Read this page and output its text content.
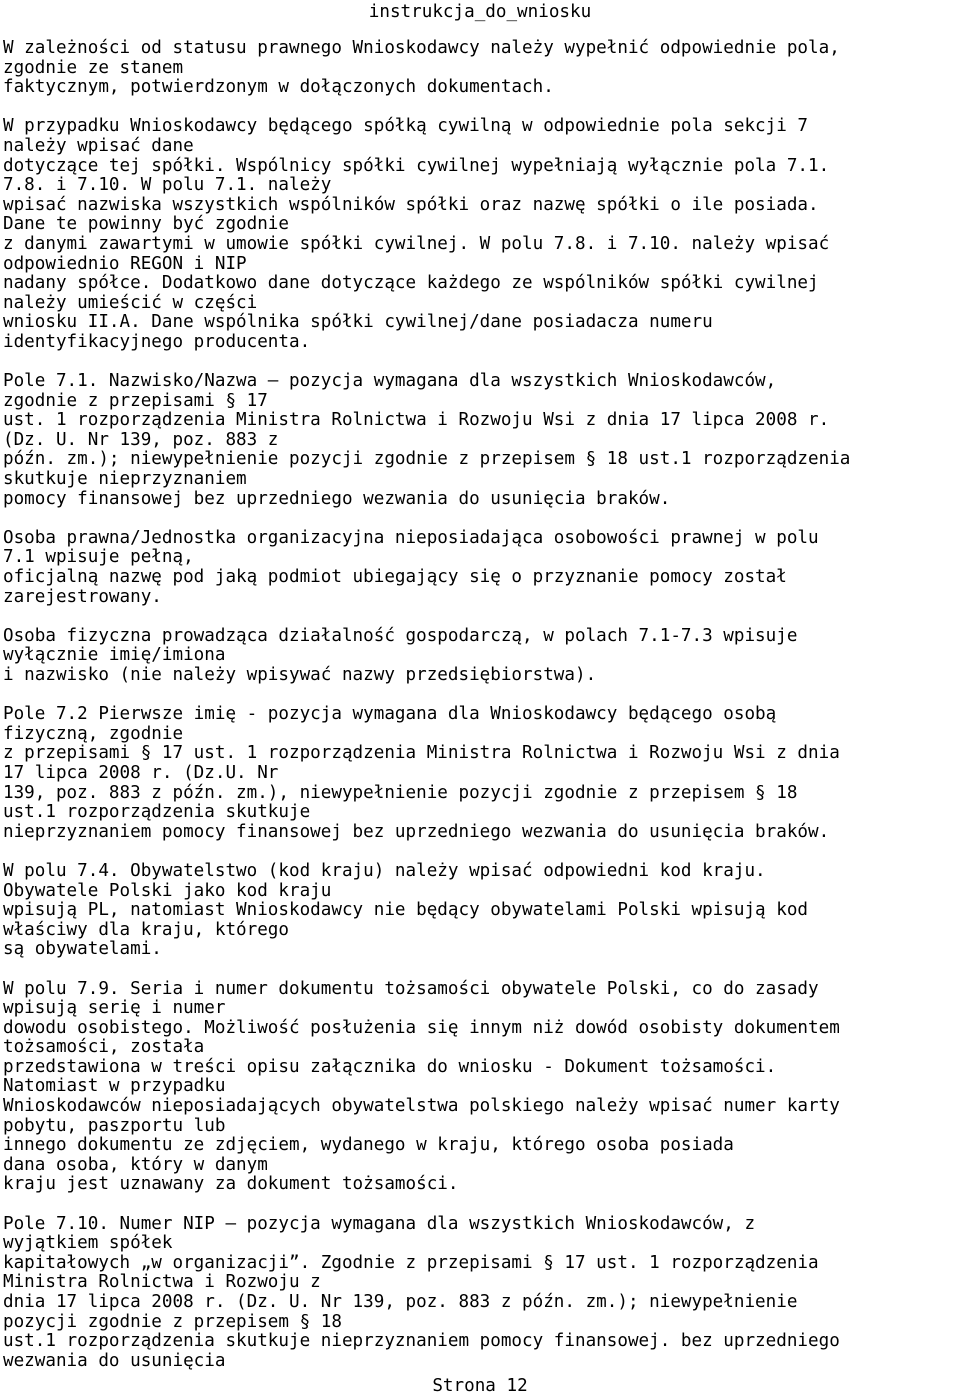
instrukcja_do_wniosku
W zależności od statusu prawnego Wnioskodawcy należy wypełnić odpowiednie pola,
zgodnie ze stanem
faktycznym, potwierdzonym w dołączonych dokumentach.
W przypadku Wnioskodawcy będącego spółką cywilną w odpowiednie pola sekcji 7
należy wpisać dane
dotyczące tej spółki. Wspólnicy spółki cywilnej wypełniają wyłącznie pola 7.1.
7.8. i 7.10. W polu 7.1. należy
wpisać nazwiska wszystkich wspólników spółki oraz nazwę spółki o ile posiada.
Dane te powinny być zgodnie
z danymi zawartymi w umowie spółki cywilnej. W polu 7.8. i 7.10. należy wpisać
odpowiednio REGON i NIP
nadany spółce. Dodatkowo dane dotyczące każdego ze wspólników spółki cywilnej
należy umieścić w części
wniosku II.A. Dane wspólnika spółki cywilnej/dane posiadacza numeru
identyfikacyjnego producenta.
Pole 7.1. Nazwisko/Nazwa – pozycja wymagana dla wszystkich Wnioskodawców,
zgodnie z przepisami § 17
ust. 1 rozporządzenia Ministra Rolnictwa i Rozwoju Wsi z dnia 17 lipca 2008 r.
(Dz. U. Nr 139, poz. 883 z
późn. zm.); niewypełnienie pozycji zgodnie z przepisem § 18 ust.1 rozporządzenia
skutkuje nieprzyznaniem
pomocy finansowej bez uprzedniego wezwania do usunięcia braków.
Osoba prawna/Jednostka organizacyjna nieposiadająca osobowości prawnej w polu
7.1 wpisuje pełną,
oficjalną nazwę pod jaką podmiot ubiegający się o przyznanie pomocy został
zarejestrowany.
Osoba fizyczna prowadząca działalność gospodarczą, w polach 7.1-7.3 wpisuje
wyłącznie imię/imiona
i nazwisko (nie należy wpisywać nazwy przedsiębiorstwa).
Pole 7.2 Pierwsze imię - pozycja wymagana dla Wnioskodawcy będącego osobą
fizyczną, zgodnie
z przepisami § 17 ust. 1 rozporządzenia Ministra Rolnictwa i Rozwoju Wsi z dnia
17 lipca 2008 r. (Dz.U. Nr
139, poz. 883 z późn. zm.), niewypełnienie pozycji zgodnie z przepisem § 18
ust.1 rozporządzenia skutkuje
nieprzyznaniem pomocy finansowej bez uprzedniego wezwania do usunięcia braków.
W polu 7.4. Obywatelstwo (kod kraju) należy wpisać odpowiedni kod kraju.
Obywatele Polski jako kod kraju
wpisują PL, natomiast Wnioskodawcy nie będący obywatelami Polski wpisują kod
właściwy dla kraju, którego
są obywatelami.
W polu 7.9. Seria i numer dokumentu tożsamości obywatele Polski, co do zasady
wpisują serię i numer
dowodu osobistego. Możliwość posłużenia się innym niż dowód osobisty dokumentem
tożsamości, została
przedstawiona w treści opisu załącznika do wniosku - Dokument tożsamości.
Natomiast w przypadku
Wnioskodawców nieposiadających obywatelstwa polskiego należy wpisać numer karty
pobytu, paszportu lub
innego dokumentu ze zdjęciem, wydanego w kraju, którego osoba posiada
dana osoba, który w danym
kraju jest uznawany za dokument tożsamości.
Pole 7.10. Numer NIP – pozycja wymagana dla wszystkich Wnioskodawców, z
wyjątkiem spółek
kapitałowych „w organizacji”. Zgodnie z przepisami § 17 ust. 1 rozporządzenia
Ministra Rolnictwa i Rozwoju z
dnia 17 lipca 2008 r. (Dz. U. Nr 139, poz. 883 z późn. zm.); niewypełnienie
pozycji zgodnie z przepisem § 18
ust.1 rozporządzenia skutkuje nieprzyznaniem pomocy finansowej. bez uprzedniego
wezwania do usunięcia
Strona 12
